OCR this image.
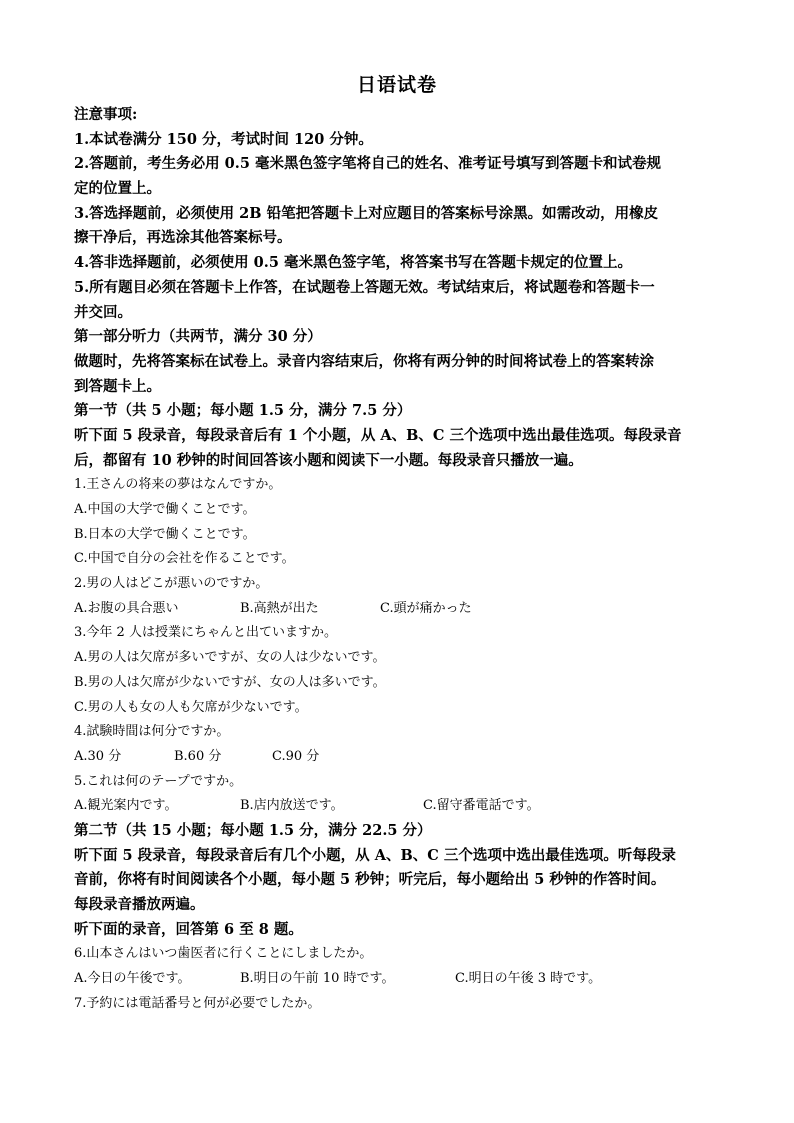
日语试卷
注意事项:
1.本试卷满分 150 分，考试时间 120 分钟。
2.答题前，考生务必用 0.5 毫米黑色签字笔将自己的姓名、准考证号填写到答题卡和试卷规
定的位置上。
3.答选择题前，必须使用 2B 铅笔把答题卡上对应题目的答案标号涂黑。如需改动，用橡皮
擦干净后，再选涂其他答案标号。
4.答非选择题前，必须使用 0.5 毫米黑色签字笔，将答案书写在答题卡规定的位置上。
5.所有题目必须在答题卡上作答，在试题卷上答题无效。考试结束后，将试题卷和答题卡一
并交回。
第一部分听力（共两节，满分 30 分）
做题时，先将答案标在试卷上。录音内容结束后，你将有两分钟的时间将试卷上的答案转涂
到答题卡上。
第一节（共 5 小题；每小题 1.5 分，满分 7.5 分）
听下面 5 段录音，每段录音后有 1 个小题，从 A、B、C 三个选项中选出最佳选项。每段录音
后，都留有 10 秒钟的时间回答该小题和阅读下一小题。每段录音只播放一遍。
1.王さんの将来の夢はなんですか。
A.中国の大学で働くことです。
B.日本の大学で働くことです。
C.中国で自分の会社を作ることです。
2.男の人はどこが悪いのですか。
A.お腹の具合悪い	B.高熱が出た	C.頭が痛かった
3.今年 2 人は授業にちゃんと出ていますか。
A.男の人は欠席が多いですが、女の人は少ないです。
B.男の人は欠席が少ないですが、女の人は多いです。
C.男の人も女の人も欠席が少ないです。
4.試験時間は何分ですか。
A.30 分	B.60 分	C.90 分
5.これは何のテープですか。
A.観光案内です。	B.店内放送です。	C.留守番電話です。
第二节（共 15 小题；每小题 1.5 分，满分 22.5 分）
听下面 5 段录音，每段录音后有几个小题，从 A、B、C 三个选项中选出最佳选项。听每段录
音前，你将有时间阅读各个小题，每小题 5 秒钟；听完后，每小题给出 5 秒钟的作答时间。
每段录音播放两遍。
听下面的录音，回答第 6 至 8 题。
6.山本さんはいつ歯医者に行くことにしましたか。
A.今日の午後です。	B.明日の午前 10 時です。	C.明日の午後 3 時です。
7.予約には電話番号と何が必要でしたか。
